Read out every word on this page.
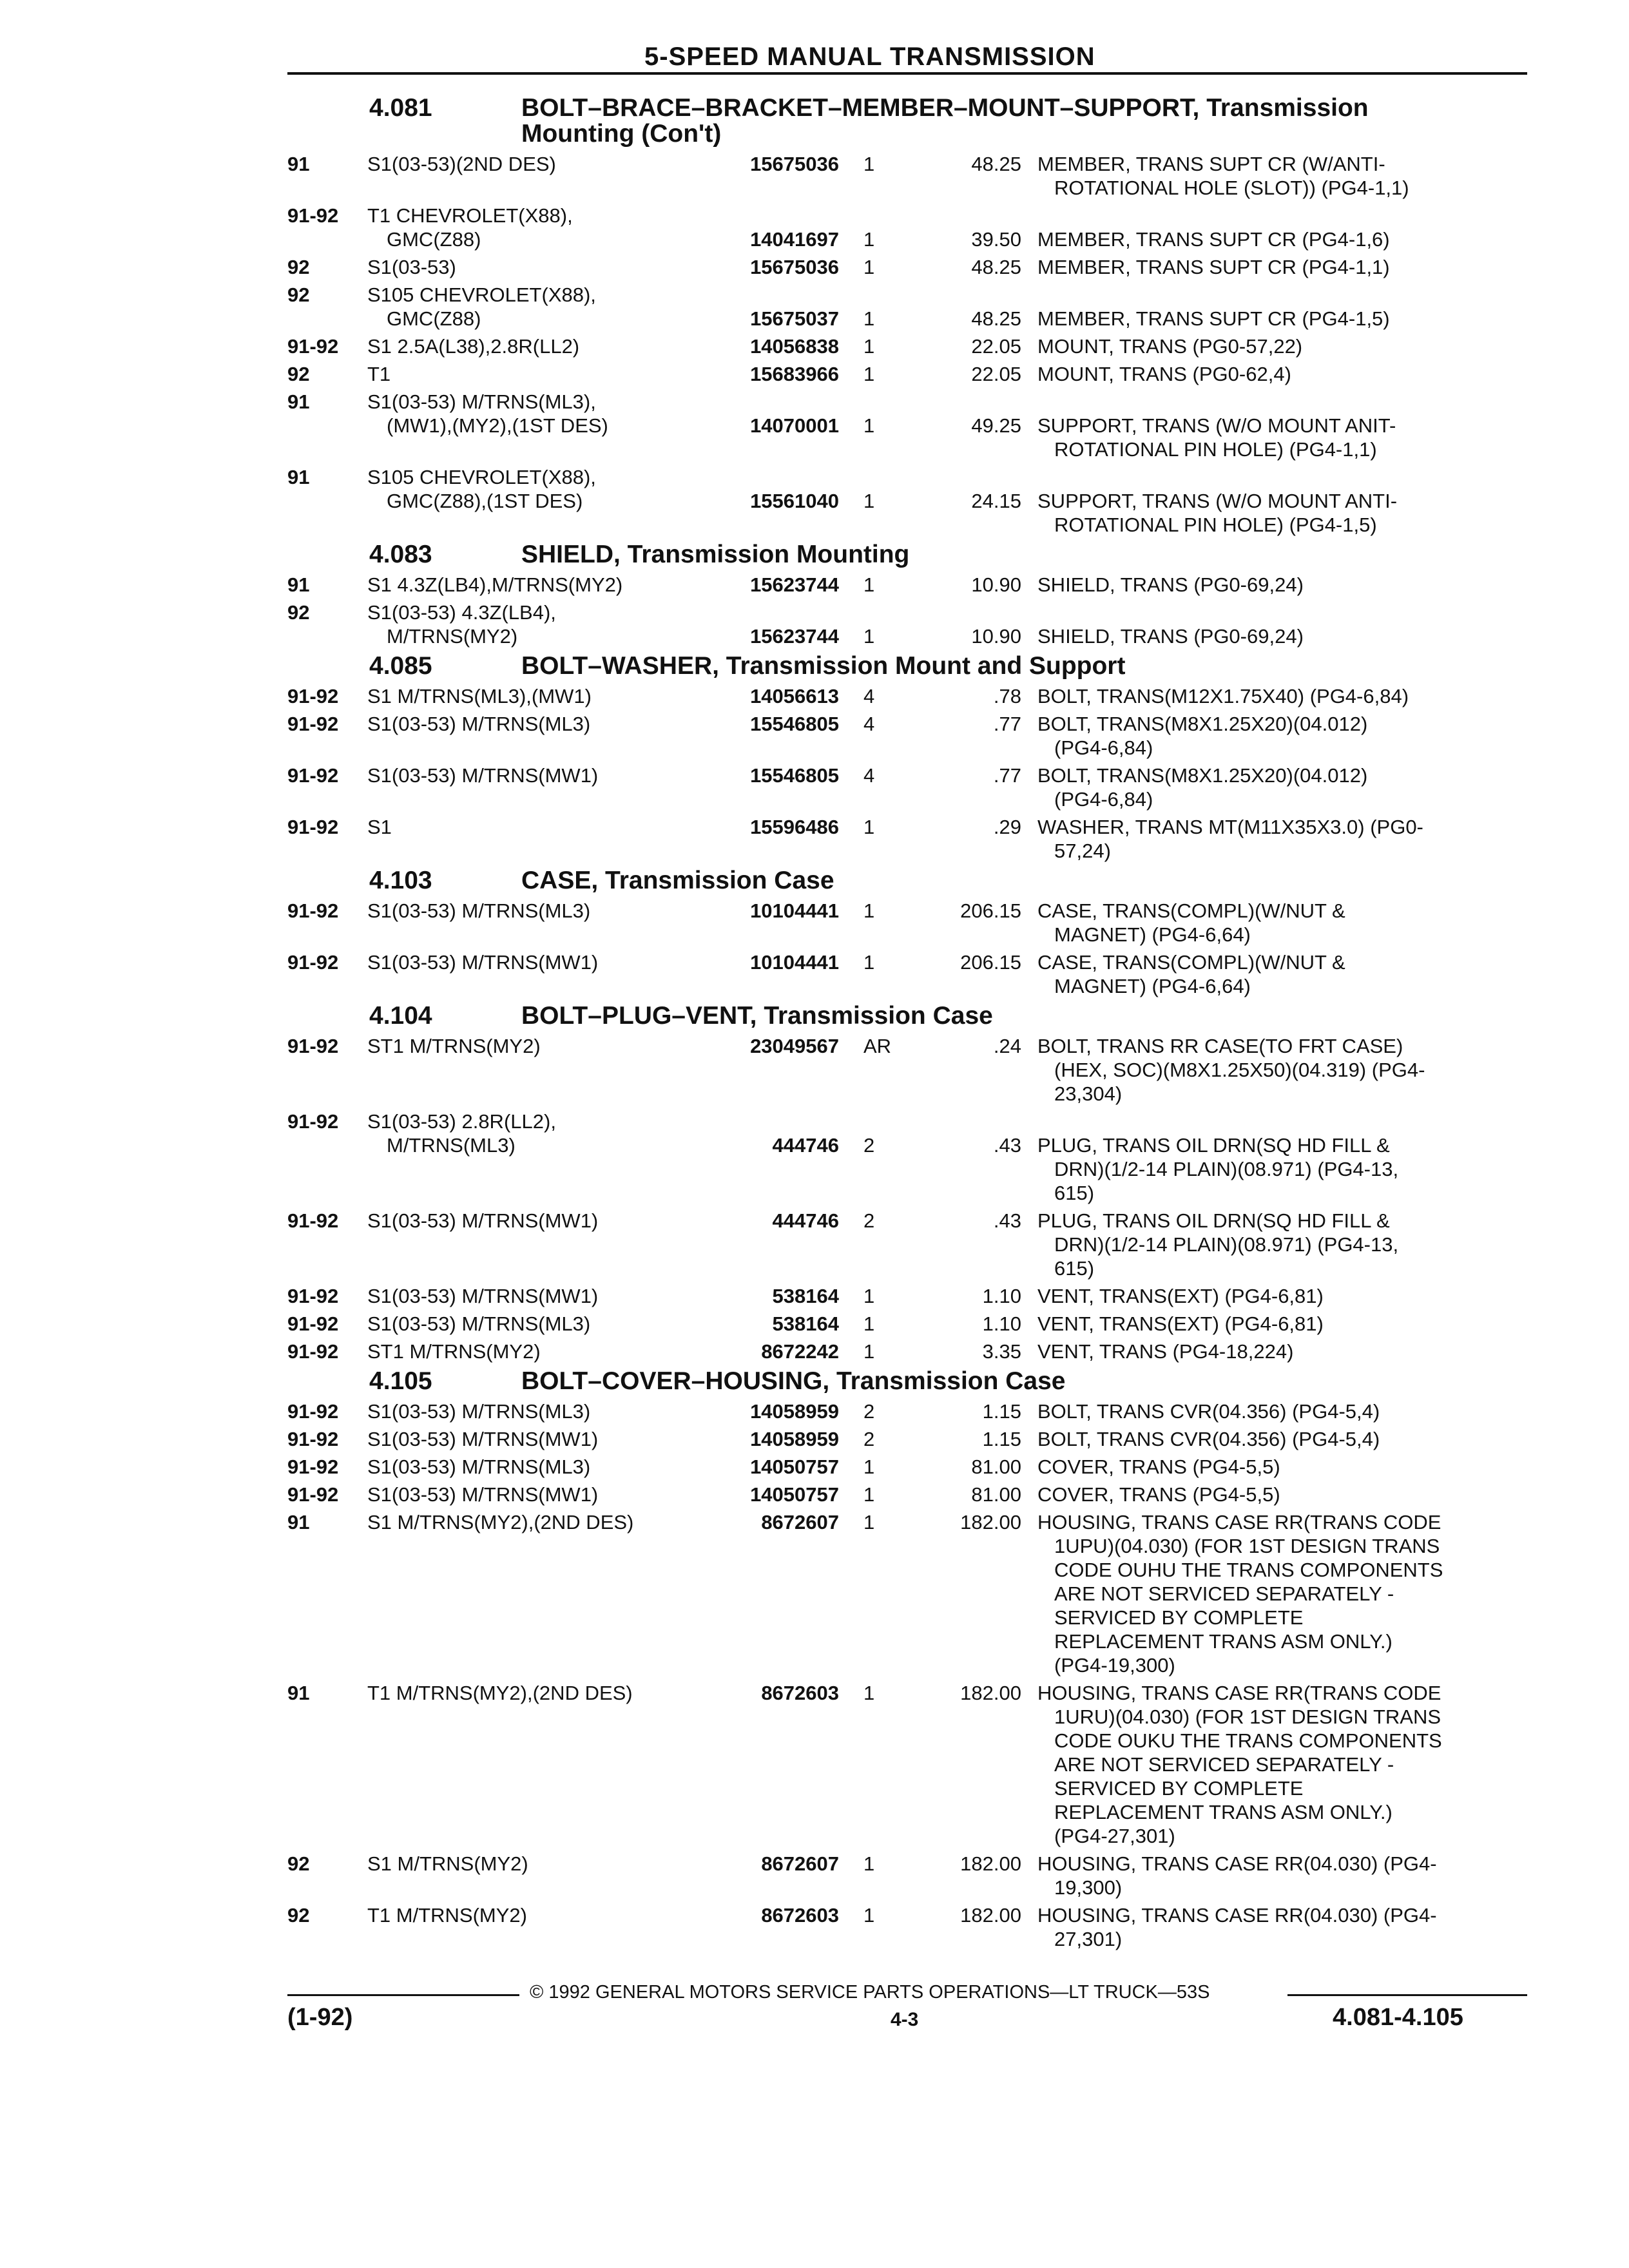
5-SPEED MANUAL TRANSMISSION
4.081	BOLT–BRACE–BRACKET–MEMBER–MOUNT–SUPPORT, Transmission
Mounting (Con't)
91	S1(03-53)(2ND DES)	15675036 1	48.25 MEMBER, TRANS SUPT CR (W/ANTI-
ROTATIONAL HOLE (SLOT)) (PG4-1,1)
91-92 T1 CHEVROLET(X88),
GMC(Z88)	14041697 1	39.50 MEMBER, TRANS SUPT CR (PG4-1,6)
92	S1(03-53)	15675036 1	48.25 MEMBER, TRANS SUPT CR (PG4-1,1)
92	S105 CHEVROLET(X88),
GMC(Z88)	15675037 1	48.25 MEMBER, TRANS SUPT CR (PG4-1,5)
91-92 S1 2.5A(L38),2.8R(LL2)	14056838 1	22.05 MOUNT, TRANS (PG0-57,22)
92	T1	15683966 1	22.05 MOUNT, TRANS (PG0-62,4)
91	S1(03-53) M/TRNS(ML3),
(MW1),(MY2),(1ST DES)	14070001 1	49.25 SUPPORT, TRANS (W/O MOUNT ANIT-
ROTATIONAL PIN HOLE) (PG4-1,1)
91	S105 CHEVROLET(X88),
GMC(Z88),(1ST DES)	15561040 1	24.15 SUPPORT, TRANS (W/O MOUNT ANTI-
ROTATIONAL PIN HOLE) (PG4-1,5)
4.083	SHIELD, Transmission Mounting
91	S1 4.3Z(LB4),M/TRNS(MY2)	15623744 1	10.90 SHIELD, TRANS (PG0-69,24)
92	S1(03-53) 4.3Z(LB4),
M/TRNS(MY2)	15623744 1	10.90 SHIELD, TRANS (PG0-69,24)
4.085	BOLT–WASHER, Transmission Mount and Support
91-92 S1 M/TRNS(ML3),(MW1)	14056613 4	.78 BOLT, TRANS(M12X1.75X40) (PG4-6,84)
91-92 S1(03-53) M/TRNS(ML3)	15546805 4	.77 BOLT, TRANS(M8X1.25X20)(04.012)
(PG4-6,84)
91-92 S1(03-53) M/TRNS(MW1)	15546805 4	.77 BOLT, TRANS(M8X1.25X20)(04.012)
(PG4-6,84)
91-92 S1	15596486 1	.29 WASHER, TRANS MT(M11X35X3.0) (PG0-
57,24)
4.103	CASE, Transmission Case
91-92 S1(03-53) M/TRNS(ML3)	10104441 1	206.15 CASE, TRANS(COMPL)(W/NUT &
MAGNET) (PG4-6,64)
91-92 S1(03-53) M/TRNS(MW1)	10104441 1	206.15 CASE, TRANS(COMPL)(W/NUT &
MAGNET) (PG4-6,64)
4.104	BOLT–PLUG–VENT, Transmission Case
91-92 ST1 M/TRNS(MY2)	23049567 AR	.24 BOLT, TRANS RR CASE(TO FRT CASE)
(HEX, SOC)(M8X1.25X50)(04.319) (PG4-
23,304)
91-92 S1(03-53) 2.8R(LL2),
M/TRNS(ML3)	444746 2	.43 PLUG, TRANS OIL DRN(SQ HD FILL &
DRN)(1/2-14 PLAIN)(08.971) (PG4-13,
615)
91-92 S1(03-53) M/TRNS(MW1)	444746 2	.43 PLUG, TRANS OIL DRN(SQ HD FILL &
DRN)(1/2-14 PLAIN)(08.971) (PG4-13,
615)
91-92 S1(03-53) M/TRNS(MW1)	538164 1	1.10 VENT, TRANS(EXT) (PG4-6,81)
91-92 S1(03-53) M/TRNS(ML3)	538164 1	1.10 VENT, TRANS(EXT) (PG4-6,81)
91-92 ST1 M/TRNS(MY2)	8672242 1	3.35 VENT, TRANS (PG4-18,224)
4.105	BOLT–COVER–HOUSING, Transmission Case
91-92 S1(03-53) M/TRNS(ML3)	14058959 2	1.15 BOLT, TRANS CVR(04.356) (PG4-5,4)
91-92 S1(03-53) M/TRNS(MW1)	14058959 2	1.15 BOLT, TRANS CVR(04.356) (PG4-5,4)
91-92 S1(03-53) M/TRNS(ML3)	14050757 1	81.00 COVER, TRANS (PG4-5,5)
91-92 S1(03-53) M/TRNS(MW1)	14050757 1	81.00 COVER, TRANS (PG4-5,5)
91	S1 M/TRNS(MY2),(2ND DES)	8672607 1	182.00 HOUSING, TRANS CASE RR(TRANS CODE
1UPU)(04.030) (FOR 1ST DESIGN TRANS
CODE OUHU THE TRANS COMPONENTS
ARE NOT SERVICED SEPARATELY -
SERVICED BY COMPLETE
REPLACEMENT TRANS ASM ONLY.)
(PG4-19,300)
91	T1 M/TRNS(MY2),(2ND DES)	8672603 1	182.00 HOUSING, TRANS CASE RR(TRANS CODE
1URU)(04.030) (FOR 1ST DESIGN TRANS
CODE OUKU THE TRANS COMPONENTS
ARE NOT SERVICED SEPARATELY -
SERVICED BY COMPLETE
REPLACEMENT TRANS ASM ONLY.)
(PG4-27,301)
92	S1 M/TRNS(MY2)	8672607 1	182.00 HOUSING, TRANS CASE RR(04.030) (PG4-
19,300)
92	T1 M/TRNS(MY2)	8672603 1	182.00 HOUSING, TRANS CASE RR(04.030) (PG4-
27,301)
© 1992 GENERAL MOTORS SERVICE PARTS OPERATIONS—LT TRUCK—53S
(1-92)	4-3	4.081-4.105
